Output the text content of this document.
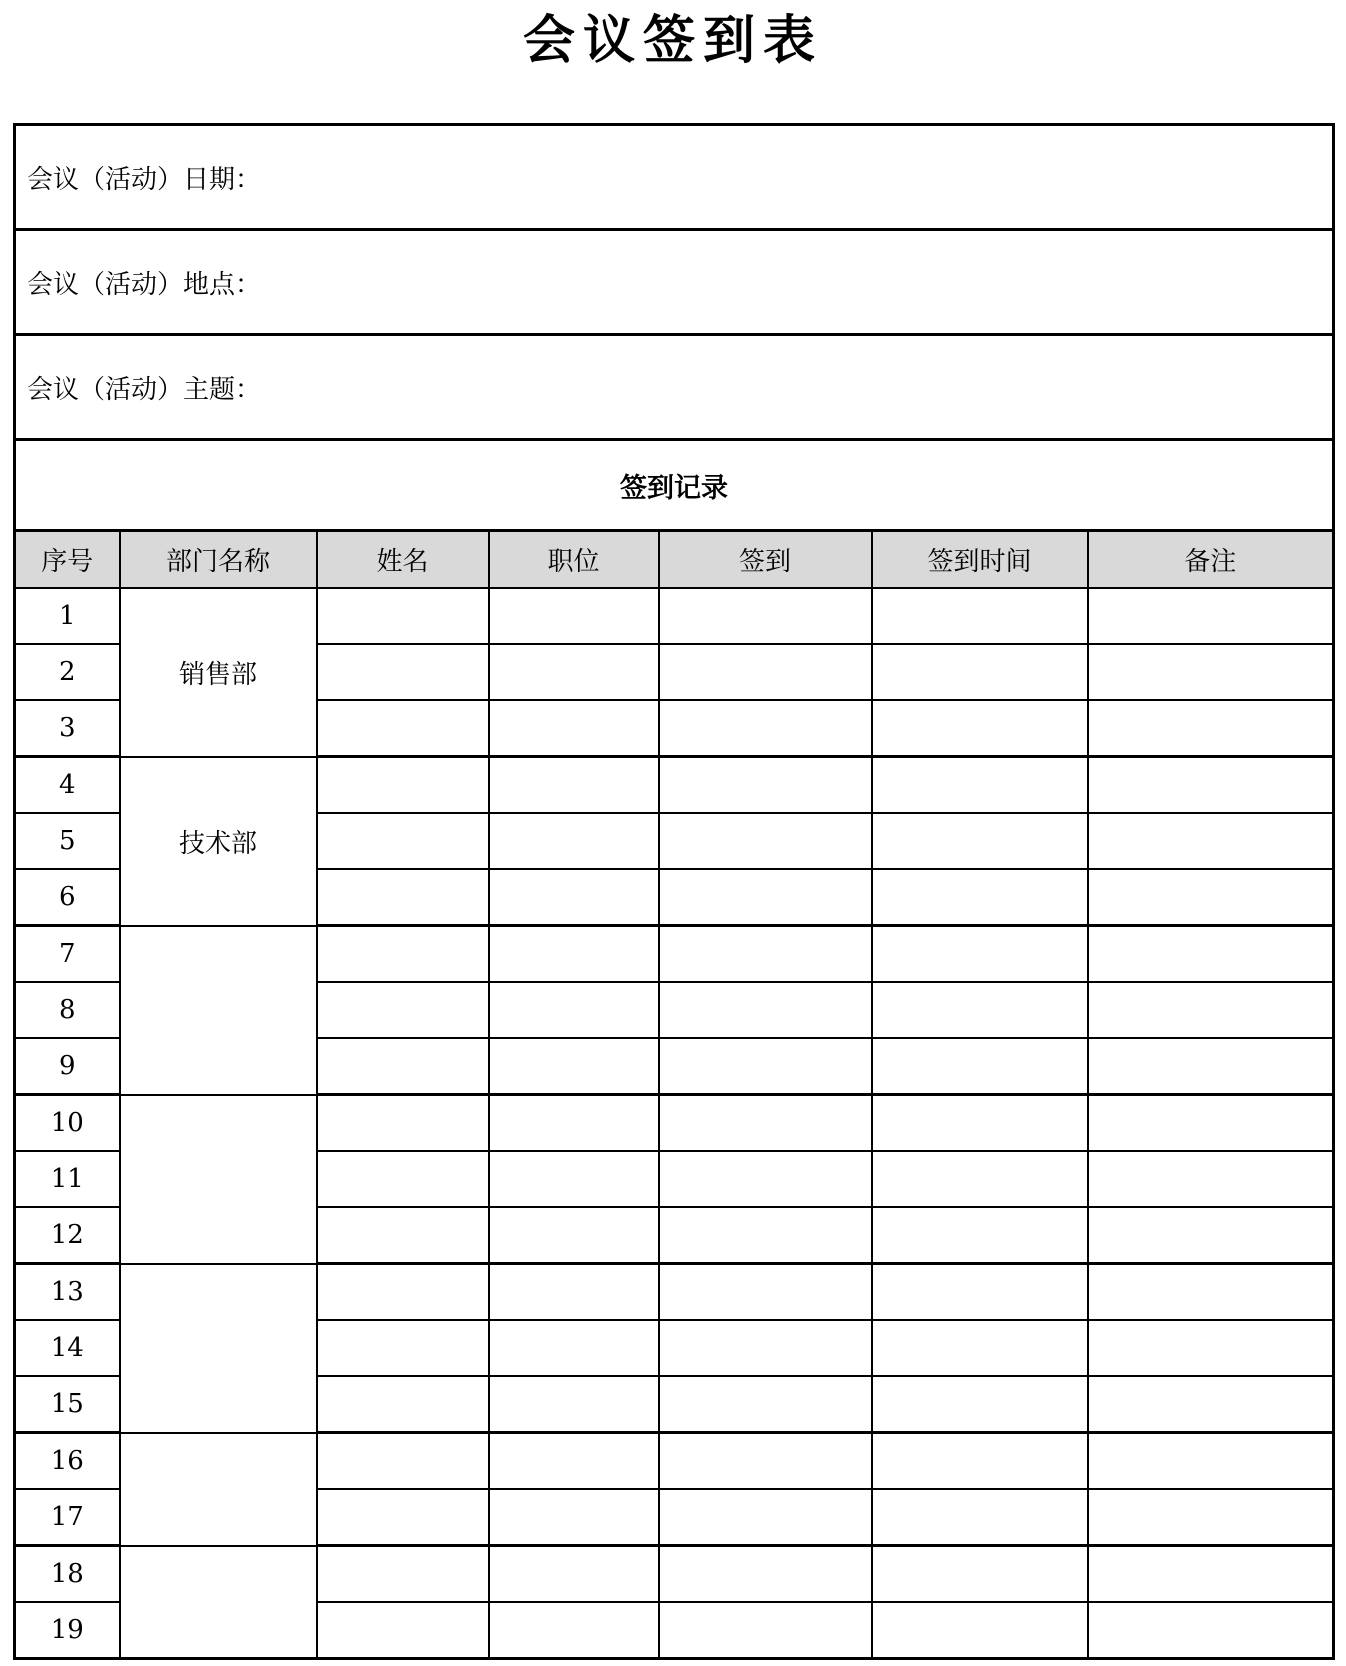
会议签到表
会议（活动）日期：						
会议（活动）地点：						
会议（活动）主题：						
签到记录						
序号	部门名称	姓名	职位	签到	签到时间	备注
1	销售部					
2						
3						
4	技术部					
5						
6						
7						
8						
9						
10						
11						
12						
13						
14						
15						
16						
17						
18						
19						
